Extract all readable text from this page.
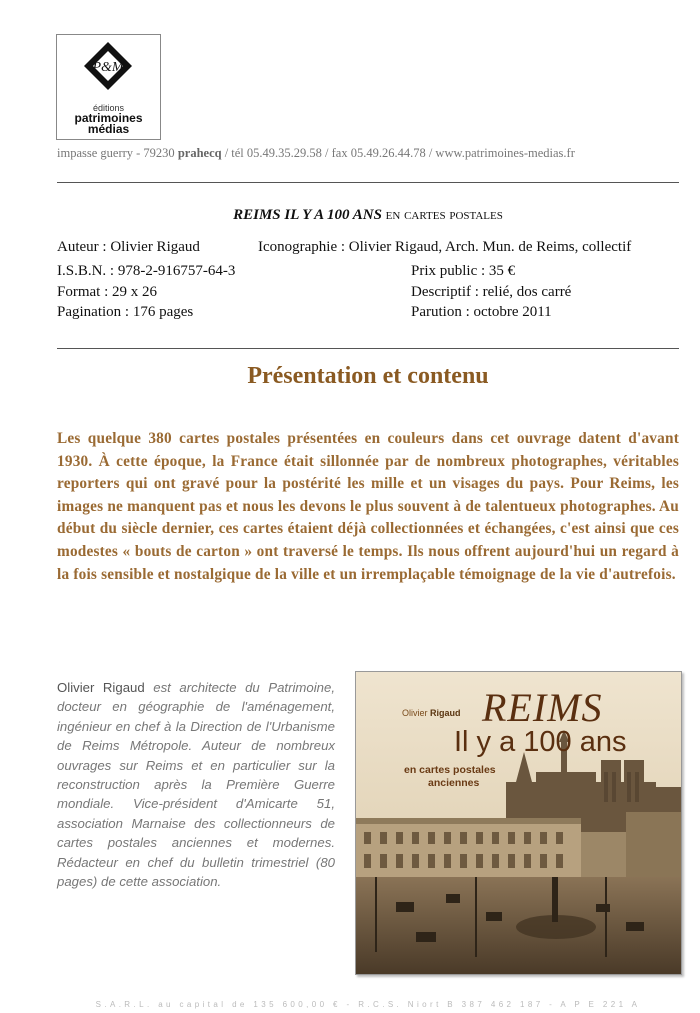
P&M
éditions
patrimoines
médias
impasse guerry - 79230 prahecq / tél 05.49.35.29.58 / fax 05.49.26.44.78 / www.patrimoines-medias.fr
REIMS IL Y A 100 ANS en cartes postales
Auteur : Olivier Rigaud	Iconographie : Olivier Rigaud, Arch. Mun. de Reims, collectif
I.S.B.N. : 978-2-916757-64-3	Prix public : 35 €
Format : 29 x 26	Descriptif : relié, dos carré
Pagination : 176 pages	Parution : octobre 2011
Présentation et contenu
Les quelque 380 cartes postales présentées en couleurs dans cet ouvrage datent d'avant 1930. À cette époque, la France était sillonnée par de nombreux photographes, véritables reporters qui ont gravé pour la postérité les mille et un visages du pays. Pour Reims, les images ne manquent pas et nous les devons le plus souvent à de talentueux photographes. Au début du siècle dernier, ces cartes étaient déjà collectionnées et échangées, c'est ainsi que ces modestes « bouts de carton » ont traversé le temps. Ils nous offrent aujourd'hui un regard à la fois sensible et nostalgique de la ville et un irremplaçable témoignage de la vie d'autrefois.
Olivier Rigaud est architecte du Patrimoine, docteur en géographie de l'aménagement, ingénieur en chef à la Direction de l'Urbanisme de Reims Métropole. Auteur de nombreux ouvrages sur Reims et en particulier sur la reconstruction après la Première Guerre mondiale. Vice-président d'Amicarte 51, association Marnaise des collectionneurs de cartes postales anciennes et modernes. Rédacteur en chef du bulletin trimestriel (80 pages) de cette association.
Olivier Rigaud REIMS
Il y a 100 ans
en cartes postales
anciennes
S.A.R.L. au capital de 135 600,00 € - R.C.S. Niort B 387 462 187 - A P E 221 A
